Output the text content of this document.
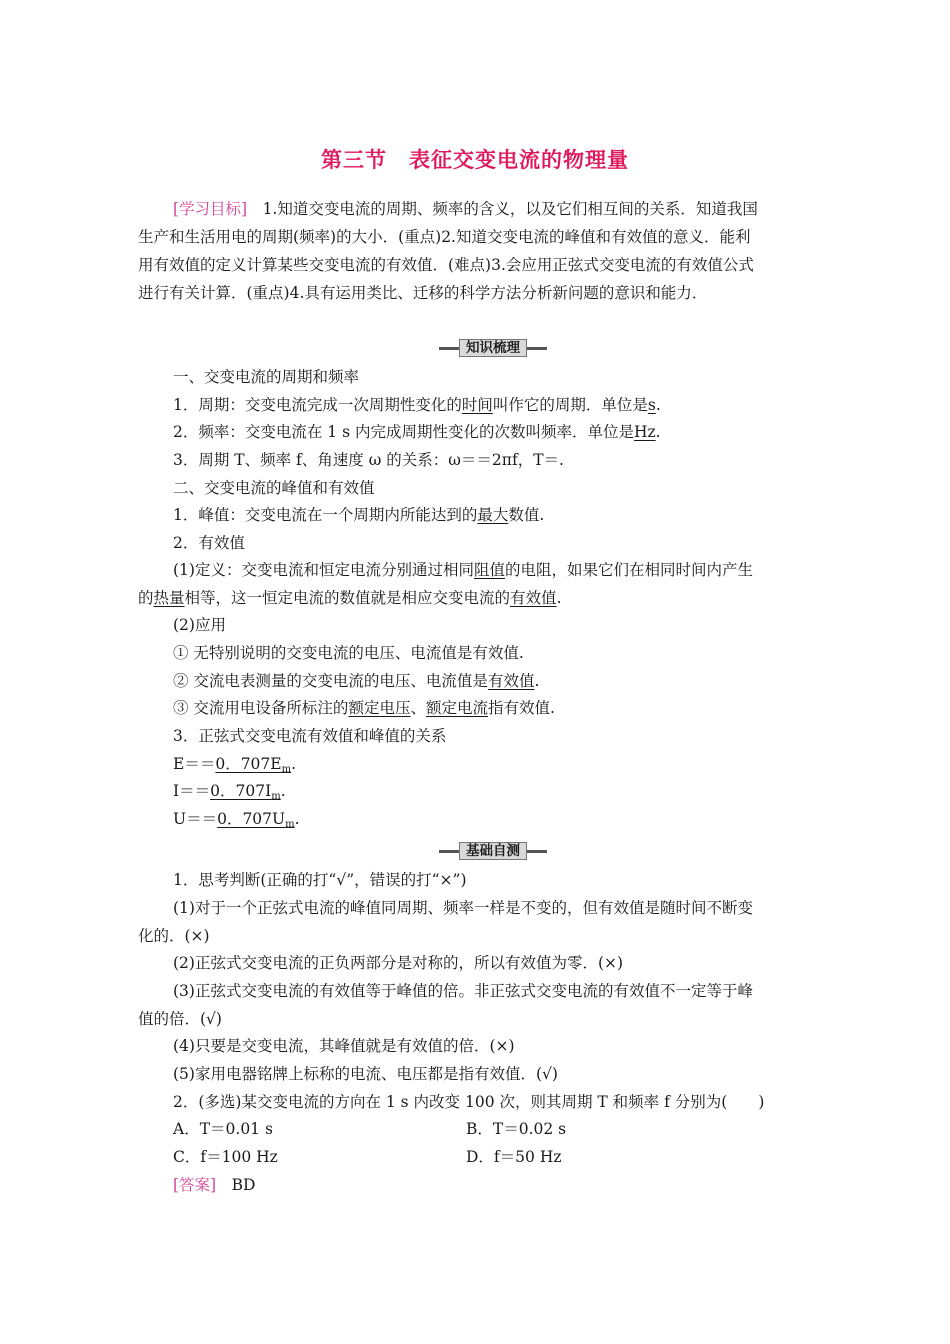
第三节　表征交变电流的物理量
[学习目标]　1.知道交变电流的周期、频率的含义，以及它们相互间的关系．知道我国
生产和生活用电的周期(频率)的大小．(重点)2.知道交变电流的峰值和有效值的意义．能利
用有效值的定义计算某些交变电流的有效值．(难点)3.会应用正弦式交变电流的有效值公式
进行有关计算．(重点)4.具有运用类比、迁移的科学方法分析新问题的意识和能力．
知识梳理
一、交变电流的周期和频率
1．周期：交变电流完成一次周期性变化的时间叫作它的周期．单位是s.
2．频率：交变电流在 1 s 内完成周期性变化的次数叫频率．单位是Hz.
3．周期 T、频率 f、角速度 ω 的关系：ω＝＝2πf，T＝.
二、交变电流的峰值和有效值
1．峰值：交变电流在一个周期内所能达到的最大数值.
2．有效值
(1)定义：交变电流和恒定电流分别通过相同阻值的电阻，如果它们在相同时间内产生
的热量相等，这一恒定电流的数值就是相应交变电流的有效值.
(2)应用
① 无特别说明的交变电流的电压、电流值是有效值.
② 交流电表测量的交变电流的电压、电流值是有效值.
③ 交流用电设备所标注的额定电压、额定电流指有效值.
3．正弦式交变电流有效值和峰值的关系
E＝＝0．$707E_m$.
I＝＝0．$707I_m$.
U＝＝0．$707U_m$.
基础自测
1．思考判断(正确的打“√”，错误的打“×”)
(1)对于一个正弦式电流的峰值同周期、频率一样是不变的，但有效值是随时间不断变
化的．(×)
(2)正弦式交变电流的正负两部分是对称的，所以有效值为零．(×)
(3)正弦式交变电流的有效值等于峰值的倍。非正弦式交变电流的有效值不一定等于峰
值的倍．(√)
(4)只要是交变电流，其峰值就是有效值的倍．(×)
(5)家用电器铭牌上标称的电流、电压都是指有效值．(√)
2．(多选)某交变电流的方向在 1 s 内改变 100 次，则其周期 T 和频率 f 分别为(　　)
A．T＝0.01 s	B．T＝0.02 s
C．f＝100 Hz	D．f＝50 Hz
[答案]　BD
